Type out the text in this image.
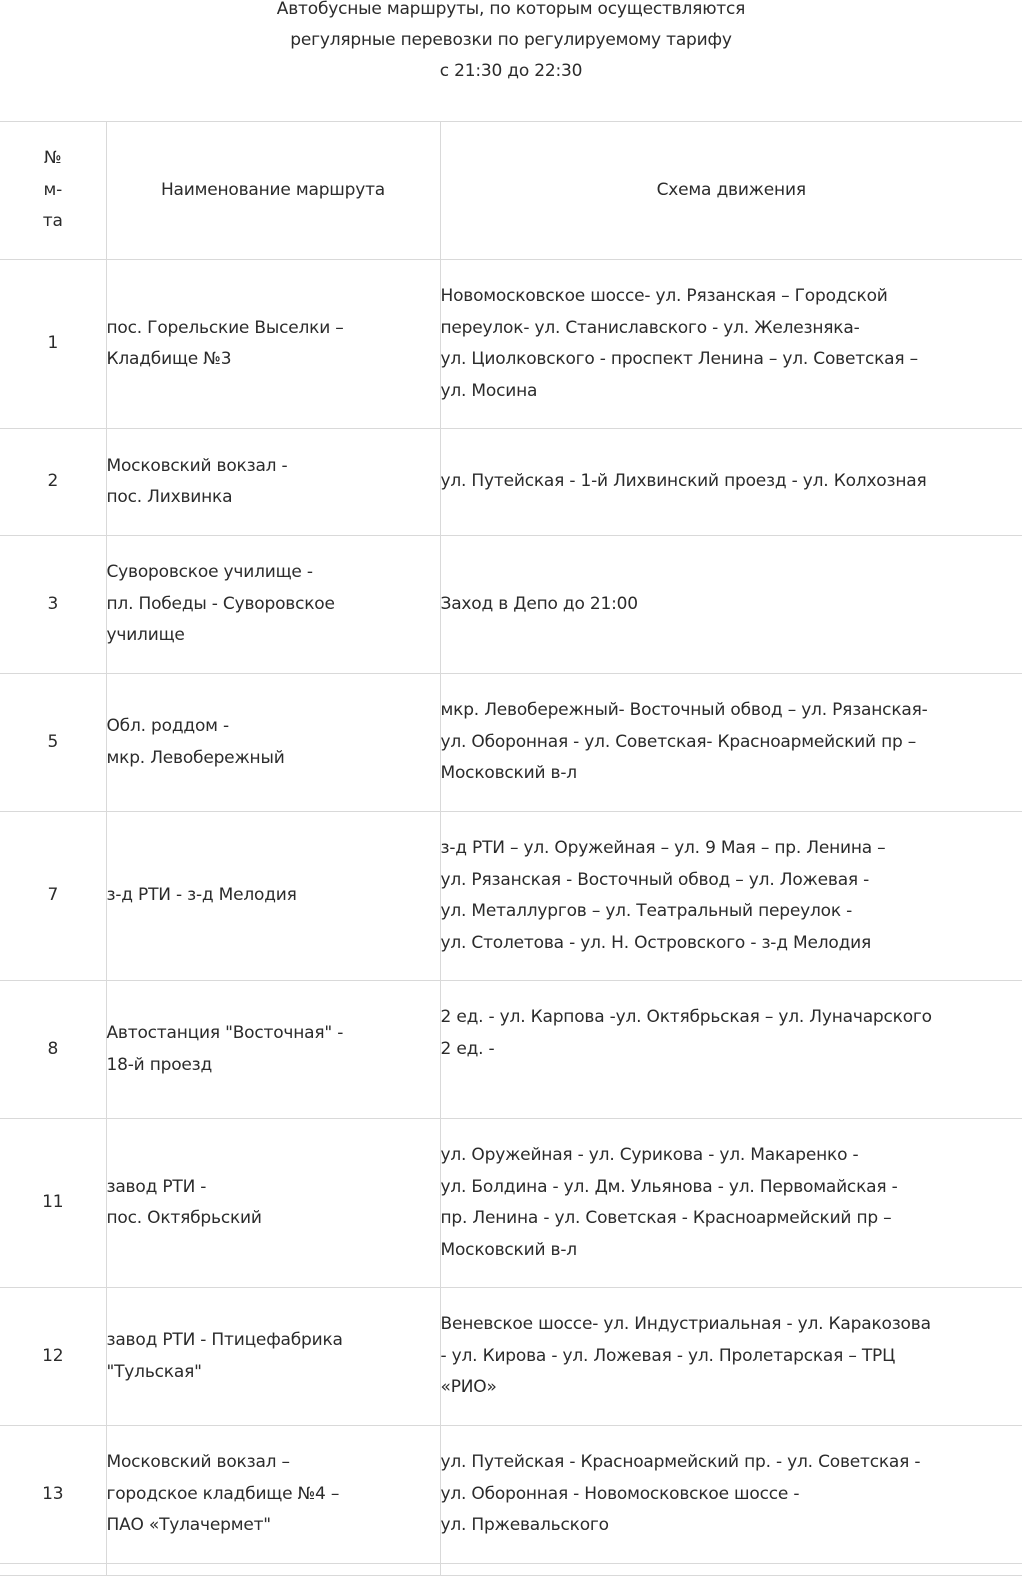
Автобусные маршруты, по которым осуществляются
регулярные перевозки по регулируемому тарифу
с 21:30 до 22:30
№
м-
та	Наименование маршрута	Схема движения
1	пос. Горельские Выселки –
Кладбище №3	Новомосковское шоссе- ул. Рязанская – Городской
переулок- ул. Станиславского - ул. Железняка-
ул. Циолковского - проспект Ленина – ул. Советская –
ул. Мосина

2	Московский вокзал -
пос. Лихвинка	ул. Путейская - 1-й Лихвинский проезд - ул. Колхозная

3	Суворовское училище -
пл. Победы - Суворовское
училище	Заход в Депо до 21:00

5	Обл. роддом -
мкр. Левобережный	мкр. Левобережный- Восточный обвод – ул. Рязанская-
ул. Оборонная - ул. Советская- Красноармейский пр –
Московский в-л

7	з-д РТИ - з-д Мелодия	з-д РТИ – ул. Оружейная – ул. 9 Мая – пр. Ленина –
ул. Рязанская - Восточный обвод – ул. Ложевая -
ул. Металлургов – ул. Театральный переулок -
ул. Столетова - ул. Н. Островского - з-д Мелодия

8	Автостанция "Восточная" -
18-й проезд	2 ед. - ул. Карпова -ул. Октябрьская – ул. Луначарского
2 ед. -

11	завод РТИ -
пос. Октябрьский	ул. Оружейная - ул. Сурикова - ул. Макаренко -
ул. Болдина - ул. Дм. Ульянова - ул. Первомайская -
пр. Ленина - ул. Советская - Красноармейский пр –
Московский в-л

12	завод РТИ - Птицефабрика
"Тульская"	Веневское шоссе- ул. Индустриальная - ул. Каракозова
- ул. Кирова - ул. Ложевая - ул. Пролетарская – ТРЦ
«РИО»

13	Московский вокзал –
городское кладбище №4 –
ПАО «Тулачермет"	ул. Путейская - Красноармейский пр. - ул. Советская -
ул. Оборонная - Новомосковское шоссе -
ул. Пржевальского
